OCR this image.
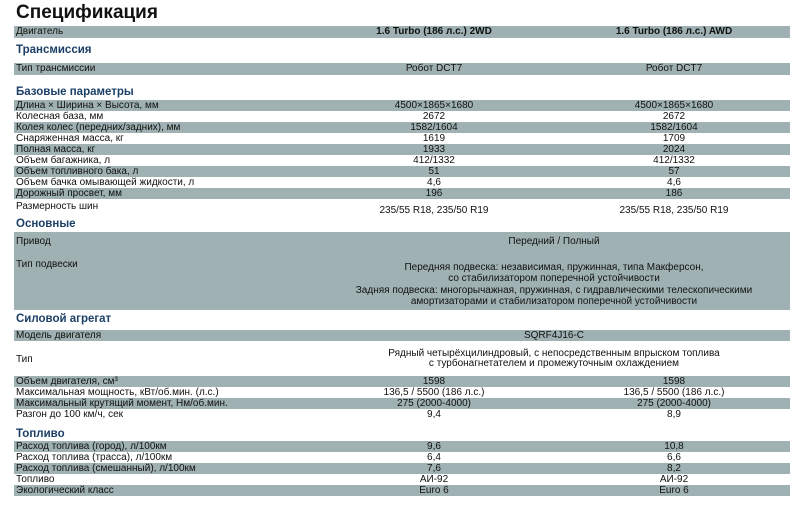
Спецификация
Двигатель	1.6 Turbo (186 л.с.) 2WD	1.6 Turbo (186 л.с.) AWD
Трансмиссия
Тип трансмиссии	Робот DCT7	Робот DCT7
Базовые параметры
Длина × Ширина × Высота, мм	4500×1865×1680	4500×1865×1680
Колесная база, мм	2672	2672
Колея колес (передних/задних), мм	1582/1604	1582/1604
Снаряженная масса, кг	1619	1709
Полная масса, кг	1933	2024
Объем багажника, л	412/1332	412/1332
Объем топливного бака, л	51	57
Объем бачка омывающей жидкости, л	4,6	4,6
Дорожный просвет, мм	196	186
Размерность шин	235/55 R18, 235/50 R19	235/55 R18, 235/50 R19
Основные
Привод	Передний / Полный
Тип подвески	Передняя подвеска: независимая, пружинная, типа Макферсон,
со стабилизатором поперечной устойчивости
Задняя подвеска: многорычажная, пружинная, с гидравлическими телескопическими
амортизаторами и стабилизатором поперечной устойчивости
Силовой агрегат
Модель двигателя	SQRF4J16-C
Тип
Рядный четырёхцилиндровый, с непосредственным впрыском топлива
с турбонагнетателем и промежуточным охлаждением
Объем двигателя, см³	1598	1598
Максимальная мощность, кВт/об.мин. (л.с.)	136,5 / 5500 (186 л.с.)	136,5 / 5500 (186 л.с.)
Максимальный крутящий момент, Нм/об.мин.	275 (2000-4000)	275 (2000-4000)
Разгон до 100 км/ч, сек	9,4	8,9
Топливо
Расход топлива (город), л/100км	9,6	10,8
Расход топлива (трасса), л/100км	6,4	6,6
Расход топлива (смешанный), л/100км	7,6	8,2
Топливо	АИ-92	АИ-92
Экологический класс	Euro 6	Euro 6
